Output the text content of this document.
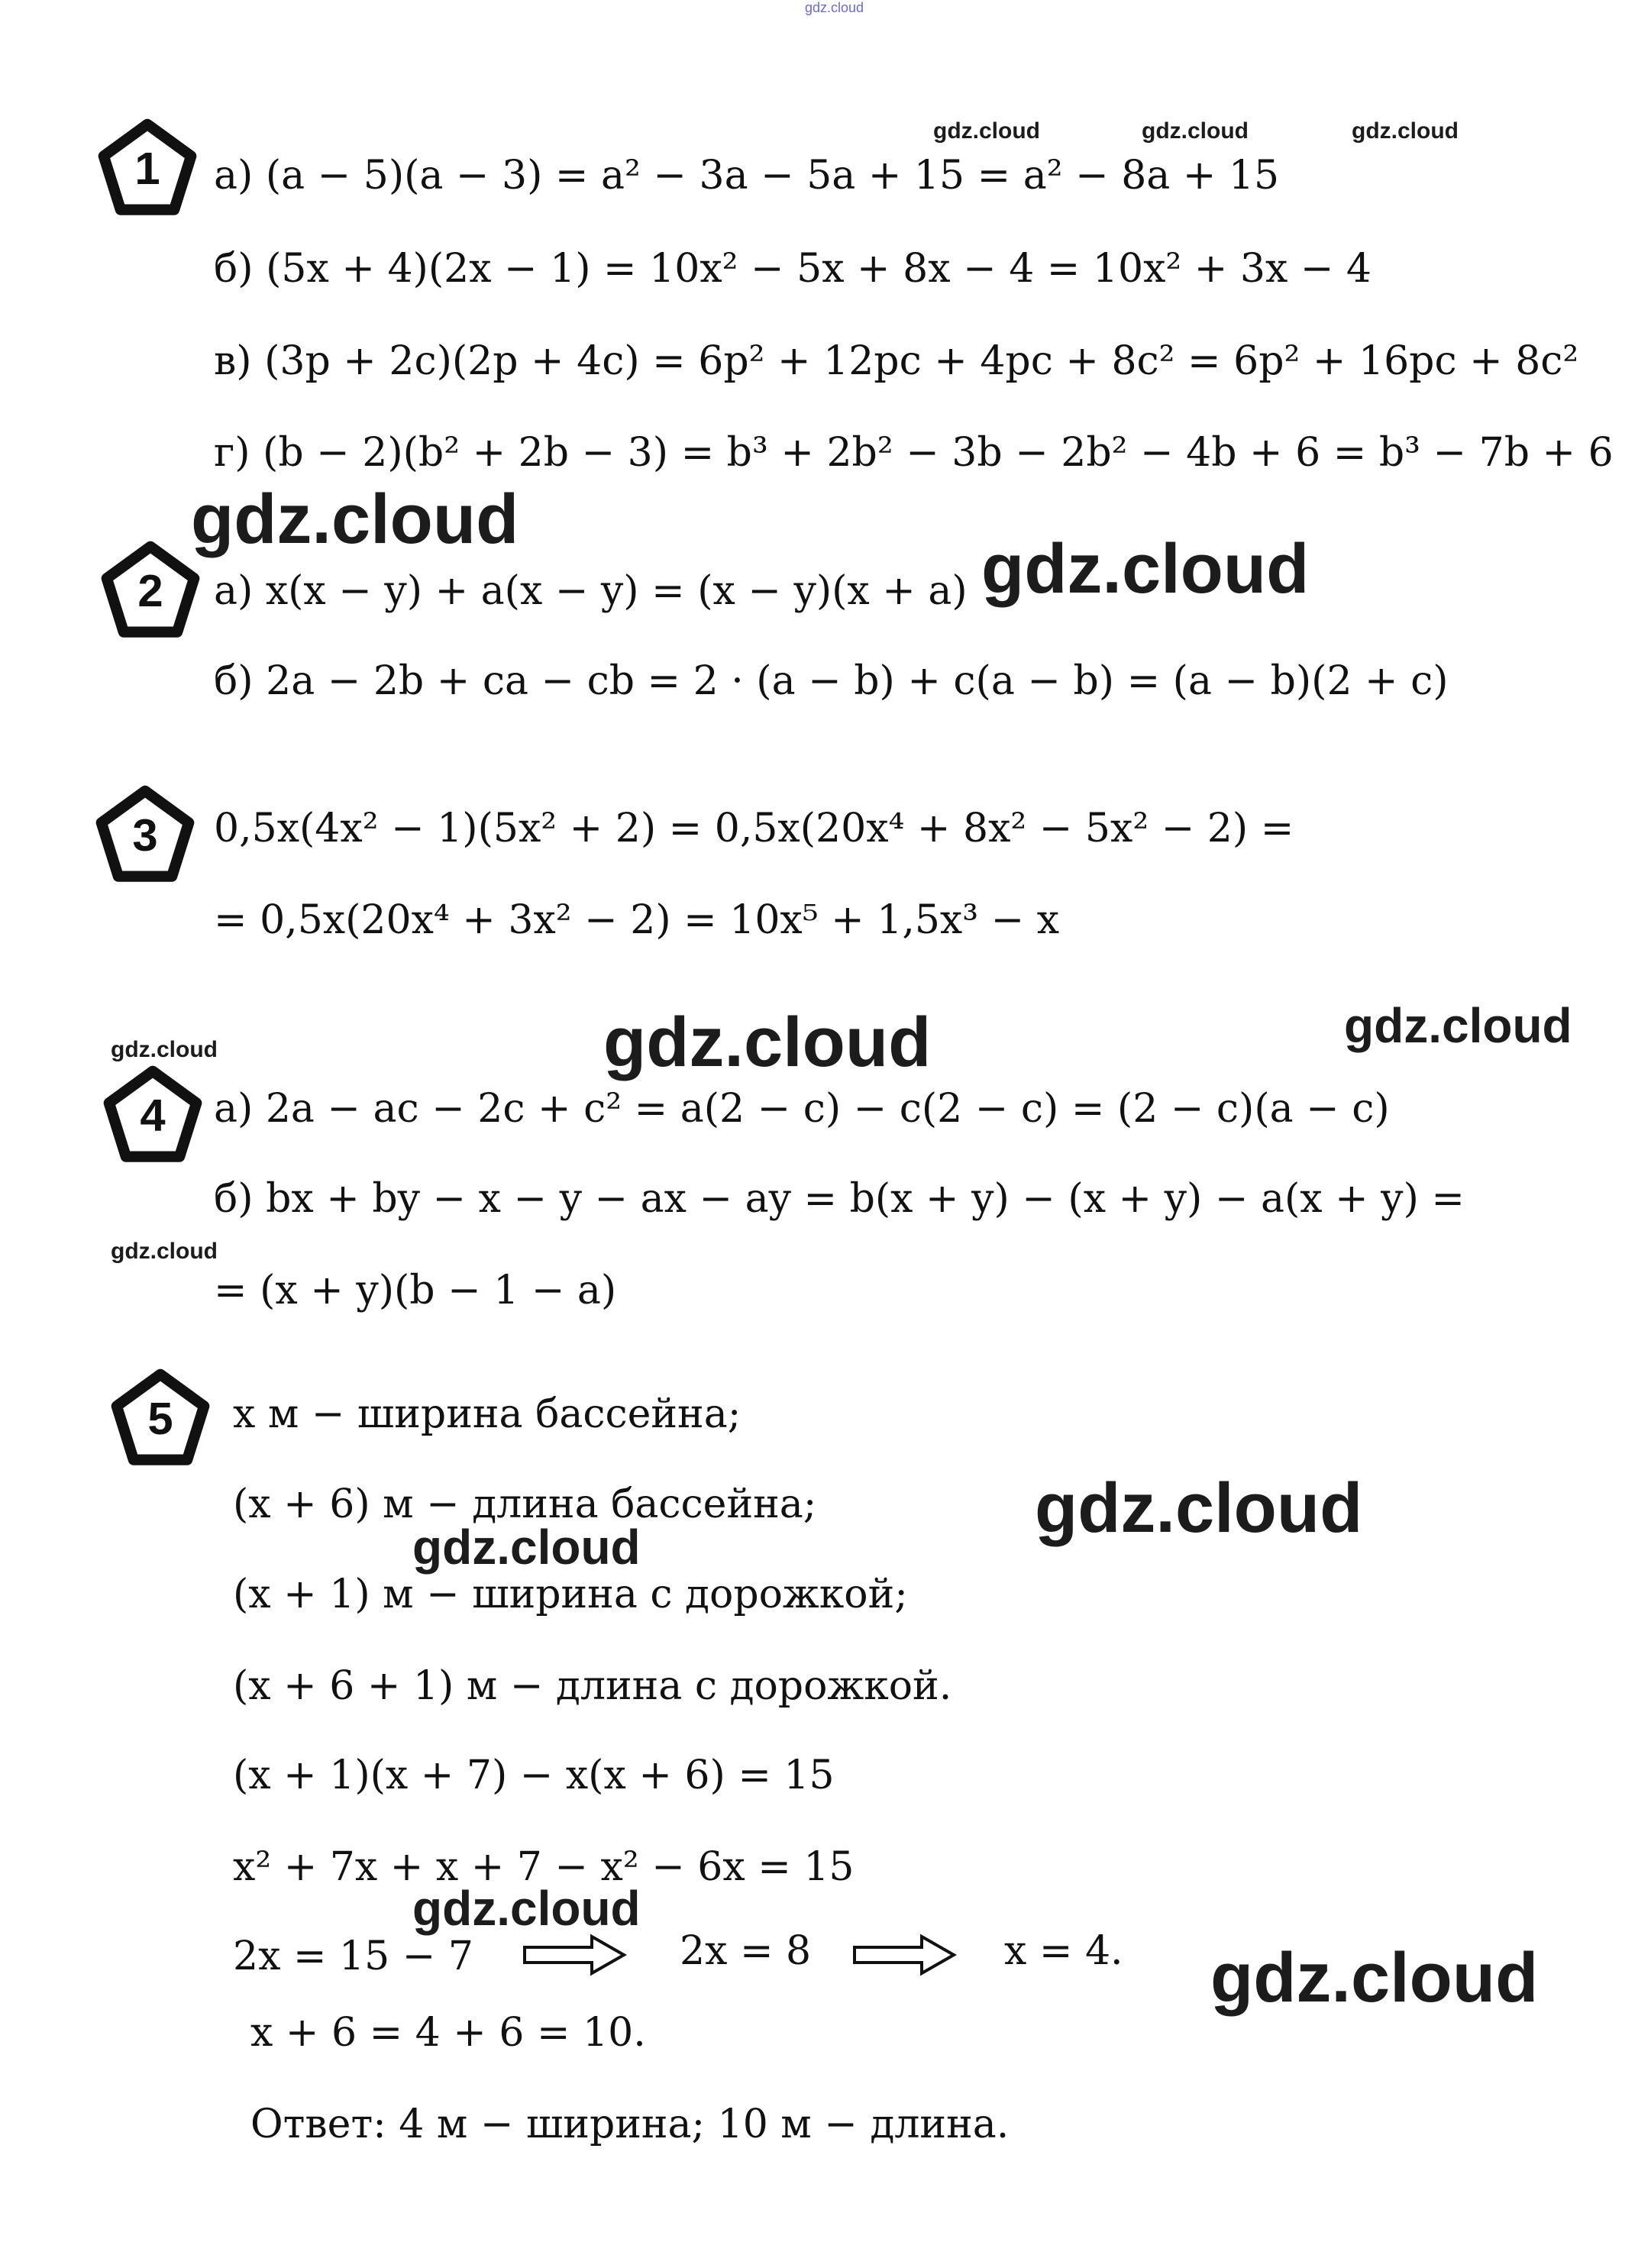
gdz.cloud
gdz.cloud	gdz.cloud	gdz.cloud
1 а) (a − 5)(a − 3) = a² − 3a − 5a + 15 = a² − 8a + 15
б) (5x + 4)(2x − 1) = 10x² − 5x + 8x − 4 = 10x² + 3x − 4
в) (3p + 2c)(2p + 4c) = 6p² + 12pc + 4pc + 8c² = 6p² + 16pc + 8c²
г) (b − 2)(b² + 2b − 3) = b³ + 2b² − 3b − 2b² − 4b + 6 = b³ − 7b + 6
gdz.cloud
2 а) x(x − y) + a(x − y) = (x − y)(x + a) gdz.cloud
б) 2a − 2b + ca − cb = 2 · (a − b) + c(a − b) = (a − b)(2 + c)
3 0,5x(4x² − 1)(5x² + 2) = 0,5x(20x⁴ + 8x² − 5x² − 2) =
= 0,5x(20x⁴ + 3x² − 2) = 10x⁵ + 1,5x³ − x
gdz.cloud	gdz.cloud
gdz.cloud
4 а) 2a − ac − 2c + c² = a(2 − c) − c(2 − c) = (2 − c)(a − c)
б) bx + by − x − y − ax − ay = b(x + y) − (x + y) − a(x + y) =
gdz.cloud
= (x + y)(b − 1 − a)
5 x м − ширина бассейна;
(x + 6) м − длина бассейна;	gdz.cloud
gdz.cloud
(x + 1) м − ширина с дорожкой;
(x + 6 + 1) м − длина с дорожкой.
(x + 1)(x + 7) − x(x + 6) = 15
x² + 7x + x + 7 − x² − 6x = 15
gdz.cloud
2x = 15 − 7	2x = 8	x = 4. gdz.cloud
x + 6 = 4 + 6 = 10.
Ответ: 4 м − ширина; 10 м − длина.
